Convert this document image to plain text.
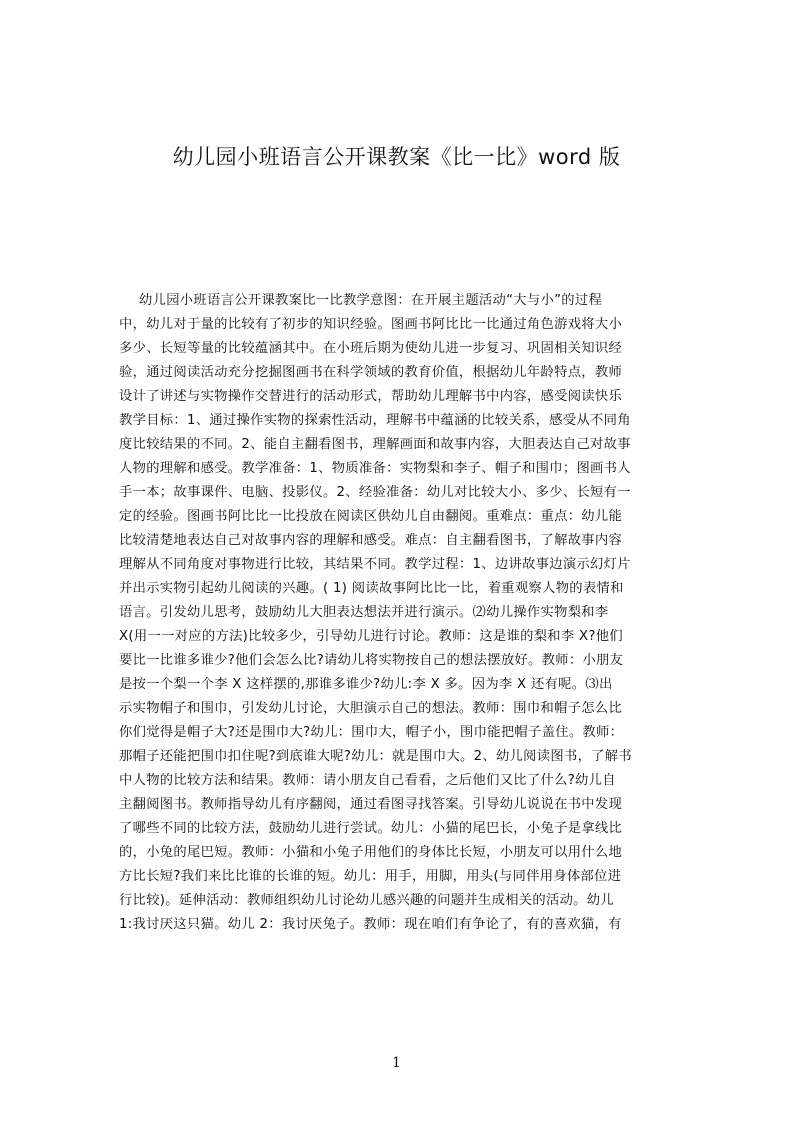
幼儿园小班语言公开课教案《比一比》word 版
幼儿园小班语言公开课教案比一比教学意图：在开展主题活动“大与小”的过程
中，幼儿对于量的比较有了初步的知识经验。图画书阿比比一比通过角色游戏将大小
多少、长短等量的比较蕴涵其中。在小班后期为使幼儿进一步复习、巩固相关知识经
验，通过阅读活动充分挖掘图画书在科学领域的教育价值，根据幼儿年龄特点，教师
设计了讲述与实物操作交替进行的活动形式，帮助幼儿理解书中内容，感受阅读快乐
教学目标：1、通过操作实物的探索性活动，理解书中蕴涵的比较关系，感受从不同角
度比较结果的不同。2、能自主翻看图书，理解画面和故事内容，大胆表达自己对故事
人物的理解和感受。教学准备：1、物质准备：实物梨和李子、帽子和围巾；图画书人
手一本；故事课件、电脑、投影仪。2、经验准备：幼儿对比较大小、多少、长短有一
定的经验。图画书阿比比一比投放在阅读区供幼儿自由翻阅。重难点：重点：幼儿能
比较清楚地表达自己对故事内容的理解和感受。难点：自主翻看图书，了解故事内容
理解从不同角度对事物进行比较，其结果不同。教学过程：1、边讲故事边演示幻灯片
并出示实物引起幼儿阅读的兴趣。( 1) 阅读故事阿比比一比，着重观察人物的表情和
语言。引发幼儿思考，鼓励幼儿大胆表达想法并进行演示。⑵幼儿操作实物梨和李
X(用一一对应的方法)比较多少，引导幼儿进行讨论。教师：这是谁的梨和李 X?他们
要比一比谁多谁少?他们会怎么比?请幼儿将实物按自己的想法摆放好。教师：小朋友
是按一个梨一个李 X 这样摆的,那谁多谁少?幼儿:李 X 多。因为李 X 还有呢。⑶出
示实物帽子和围巾，引发幼儿讨论，大胆演示自己的想法。教师：围巾和帽子怎么比
你们觉得是帽子大?还是围巾大?幼儿：围巾大，帽子小，围巾能把帽子盖住。教师：
那帽子还能把围巾扣住呢?到底谁大呢?幼儿：就是围巾大。2、幼儿阅读图书，了解书
中人物的比较方法和结果。教师：请小朋友自己看看，之后他们又比了什么?幼儿自
主翻阅图书。教师指导幼儿有序翻阅，通过看图寻找答案。引导幼儿说说在书中发现
了哪些不同的比较方法，鼓励幼儿进行尝试。幼儿：小猫的尾巴长，小兔子是拿线比
的，小兔的尾巴短。教师：小猫和小兔子用他们的身体比长短，小朋友可以用什么地
方比长短?我们来比比谁的长谁的短。幼儿：用手，用脚，用头(与同伴用身体部位进
行比较)。延伸活动：教师组织幼儿讨论幼儿感兴趣的问题并生成相关的活动。幼儿
1:我讨厌这只猫。幼儿 2：我讨厌兔子。教师：现在咱们有争论了，有的喜欢猫，有
1
